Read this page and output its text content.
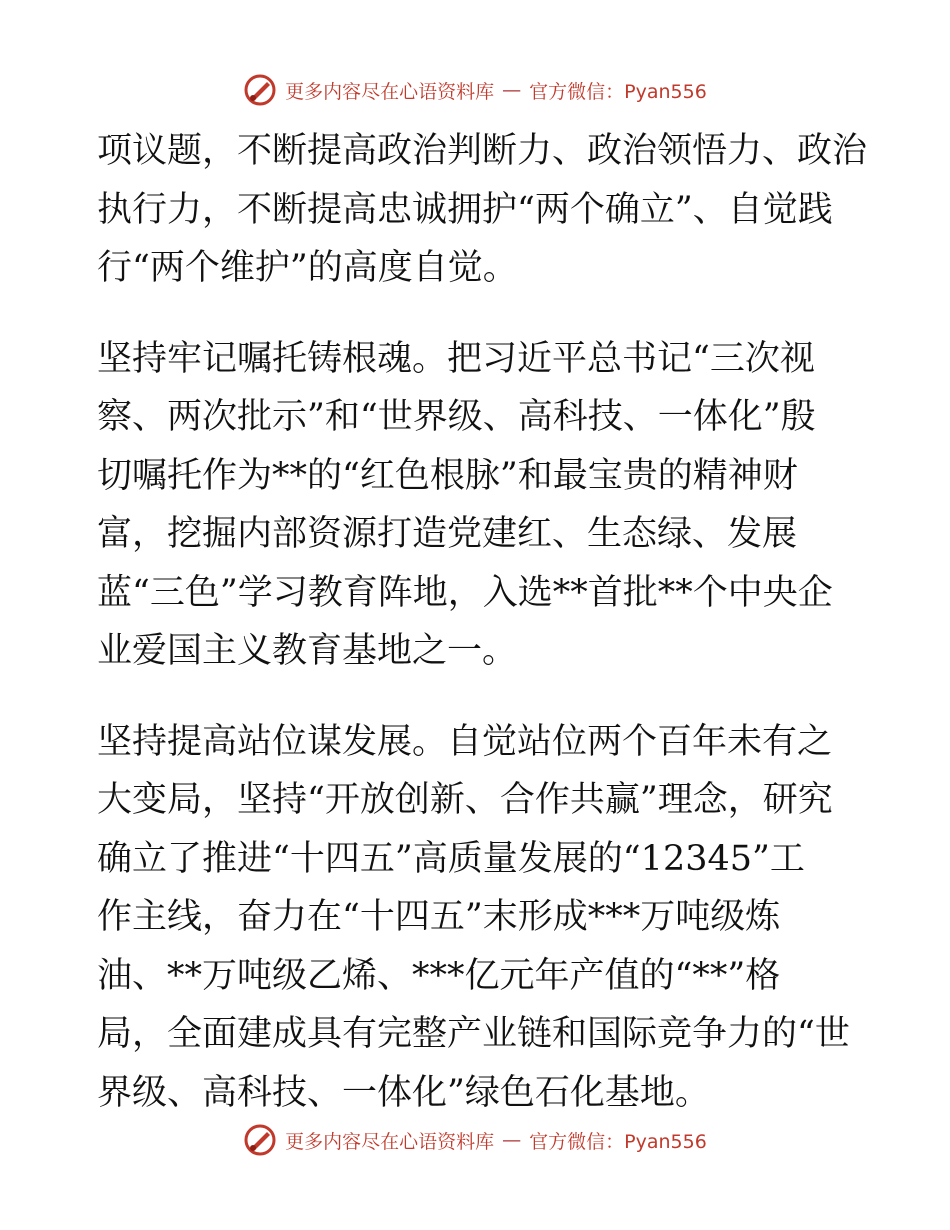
更多内容尽在心语资料库 — 官方微信：Pyan556
项议题，不断提高政治判断力、政治领悟力、政治
执行力，不断提高忠诚拥护“两个确立”、自觉践
行“两个维护”的高度自觉。
坚持牢记嘱托铸根魂。把习近平总书记“三次视
察、两次批示”和“世界级、高科技、一体化”殷
切嘱托作为**的“红色根脉”和最宝贵的精神财
富，挖掘内部资源打造党建红、生态绿、发展
蓝“三色”学习教育阵地，入选**首批**个中央企
业爱国主义教育基地之一。
坚持提高站位谋发展。自觉站位两个百年未有之
大变局，坚持“开放创新、合作共赢”理念，研究
确立了推进“十四五”高质量发展的“12345”工
作主线，奋力在“十四五”末形成***万吨级炼
油、**万吨级乙烯、***亿元年产值的“**”格
局，全面建成具有完整产业链和国际竞争力的“世
界级、高科技、一体化”绿色石化基地。
更多内容尽在心语资料库 — 官方微信：Pyan556
